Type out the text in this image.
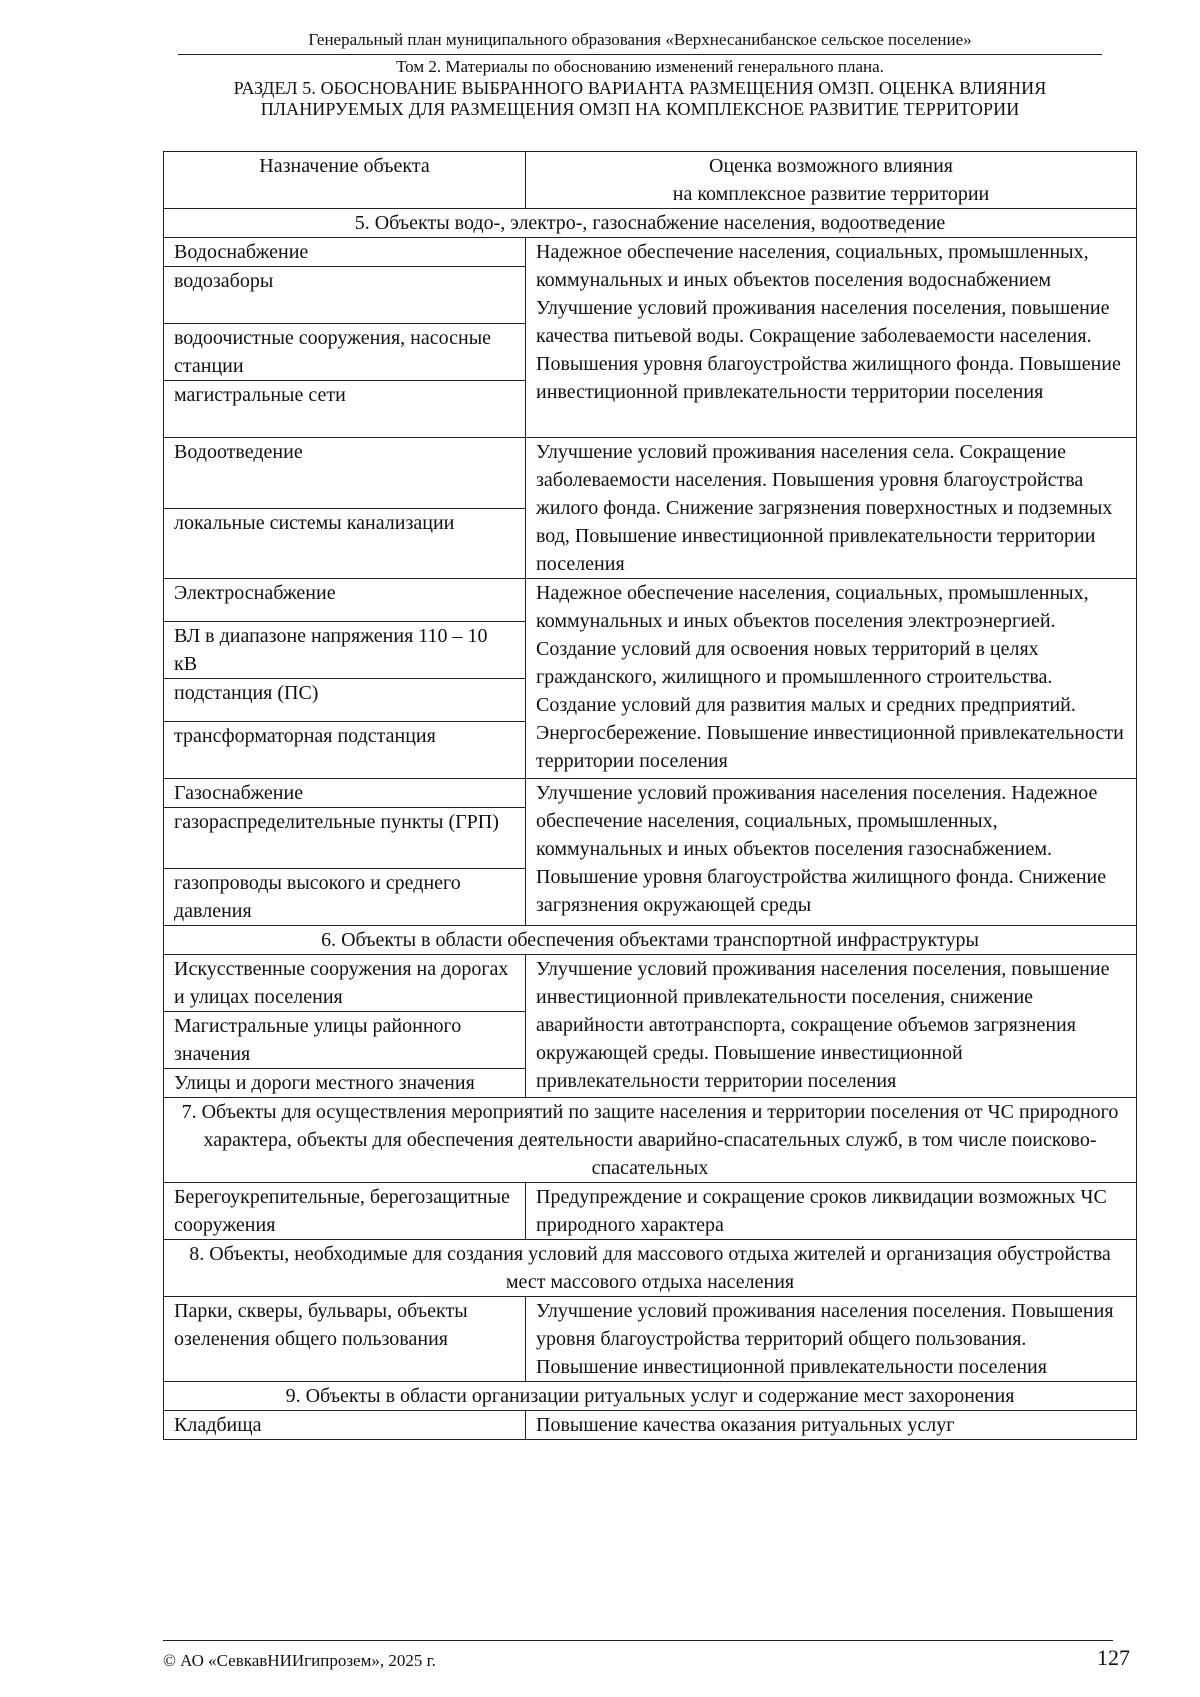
Генеральный план муниципального образования «Верхнесанибанское сельское поселение»
Том 2. Материалы по обоснованию изменений генерального плана.
РАЗДЕЛ 5. ОБОСНОВАНИЕ ВЫБРАННОГО ВАРИАНТА РАЗМЕЩЕНИЯ ОМЗП. ОЦЕНКА ВЛИЯНИЯ
ПЛАНИРУЕМЫХ ДЛЯ РАЗМЕЩЕНИЯ ОМЗП НА КОМПЛЕКСНОЕ РАЗВИТИЕ ТЕРРИТОРИИ
Назначение объекта	Оценка возможного влияния
на комплексное развитие территории

5. Объекты водо-, электро-, газоснабжение населения, водоотведение	
Водоснабжение	Надежное обеспечение населения, социальных, промышленных, коммунальных и иных объектов поселения водоснабжением Улучшение условий проживания населения поселения, повышение качества питьевой воды. Сокращение заболеваемости населения. Повышения уровня благоустройства жилищного фонда. Повышение инвестиционной привлекательности территории поселения
водозаборы	
водоочистные сооружения, насосные станции	
магистральные сети	
Водоотведение	Улучшение условий проживания населения села. Сокращение заболеваемости населения. Повышения уровня благоустройства жилого фонда. Снижение загрязнения поверхностных и подземных вод, Повышение инвестиционной привлекательности территории поселения
локальные системы канализации	
Электроснабжение	Надежное обеспечение населения, социальных, промышленных, коммунальных и иных объектов поселения электроэнергией. Создание условий для освоения новых территорий в целях гражданского, жилищного и промышленного строительства. Создание условий для развития малых и средних предприятий. Энергосбережение. Повышение инвестиционной привлекательности территории поселения
ВЛ в диапазоне напряжения 110 – 10 кВ	
подстанция (ПС)	
трансформаторная подстанция	
Газоснабжение	Улучшение условий проживания населения поселения. Надежное обеспечение населения, социальных, промышленных, коммунальных и иных объектов поселения газоснабжением. Повышение уровня благоустройства жилищного фонда. Снижение загрязнения окружающей среды
газораспределительные пункты (ГРП)	
газопроводы высокого и среднего давления	
6. Объекты в области обеспечения объектами транспортной инфраструктуры	
Искусственные сооружения на дорогах и улицах поселения	Улучшение условий проживания населения поселения, повышение инвестиционной привлекательности поселения, снижение аварийности автотранспорта, сокращение объемов загрязнения окружающей среды. Повышение инвестиционной привлекательности территории поселения
Магистральные улицы районного значения	
Улицы и дороги местного значения	
7. Объекты для осуществления мероприятий по защите населения и территории поселения от ЧС природного характера, объекты для обеспечения деятельности аварийно-спасательных служб, в том числе поисково-спасательных	
Берегоукрепительные, берегозащитные сооружения	Предупреждение и сокращение сроков ликвидации возможных ЧС природного характера
8. Объекты, необходимые для создания условий для массового отдыха жителей и организация обустройства мест массового отдыха населения	
Парки, скверы, бульвары, объекты озеленения общего пользования	Улучшение условий проживания населения поселения. Повышения уровня благоустройства территорий общего пользования. Повышение инвестиционной привлекательности поселения
9. Объекты в области организации ритуальных услуг и содержание мест захоронения	
Кладбища	Повышение качества оказания ритуальных услуг
© АО «СевкавНИИгипрозем», 2025 г.	127
